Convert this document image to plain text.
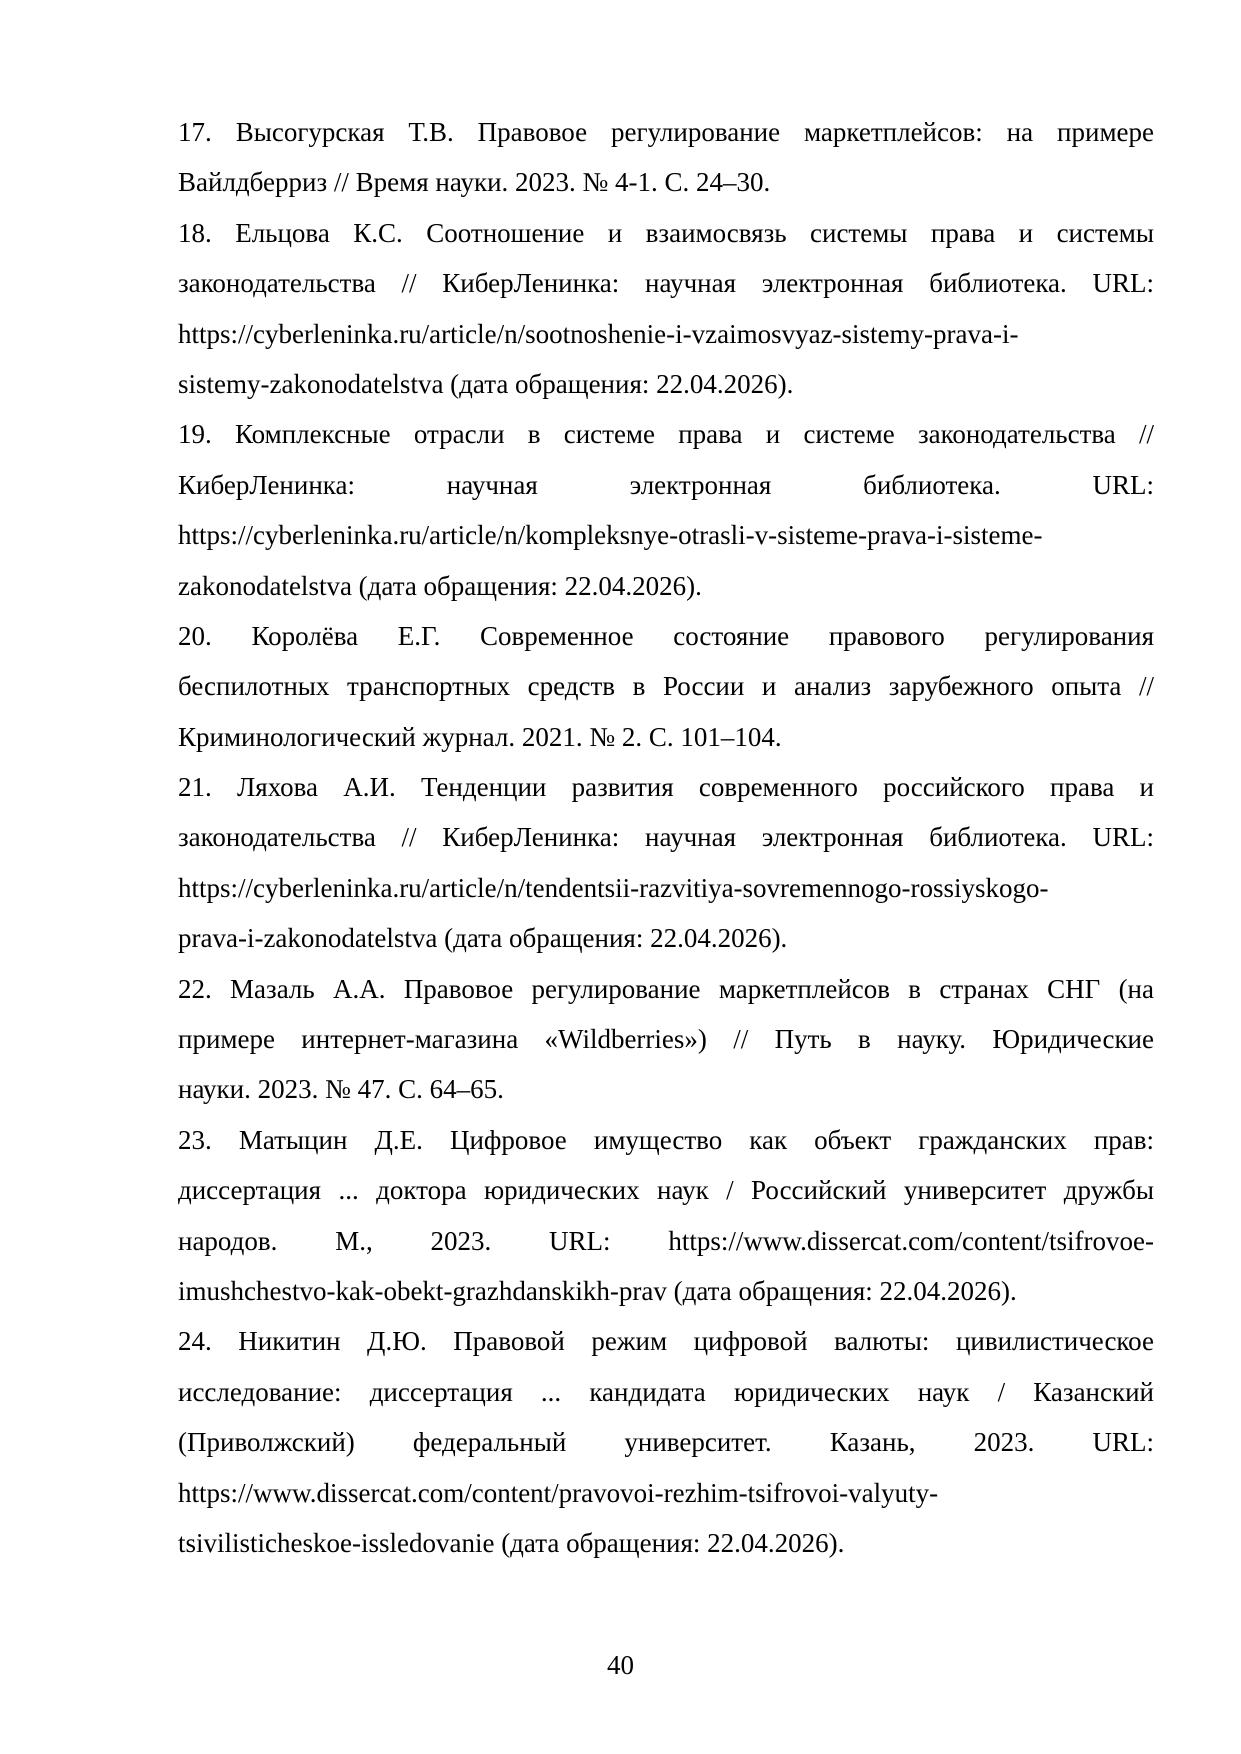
17. Высогурская Т.В. Правовое регулирование маркетплейсов: на примере
Вайлдберриз // Время науки. 2023. № 4-1. С. 24–30.
18. Ельцова К.С. Соотношение и взаимосвязь системы права и системы
законодательства // КиберЛенинка: научная электронная библиотека. URL:
https://cyberleninka.ru/article/n/sootnoshenie-i-vzaimosvyaz-sistemy-prava-i-
sistemy-zakonodatelstva (дата обращения: 22.04.2026).
19. Комплексные отрасли в системе права и системе законодательства //
КиберЛенинка: научная электронная библиотека. URL:
https://cyberleninka.ru/article/n/kompleksnye-otrasli-v-sisteme-prava-i-sisteme-
zakonodatelstva (дата обращения: 22.04.2026).
20. Королёва Е.Г. Современное состояние правового регулирования
беспилотных транспортных средств в России и анализ зарубежного опыта //
Криминологический журнал. 2021. № 2. С. 101–104.
21. Ляхова А.И. Тенденции развития современного российского права и
законодательства // КиберЛенинка: научная электронная библиотека. URL:
https://cyberleninka.ru/article/n/tendentsii-razvitiya-sovremennogo-rossiyskogo-
prava-i-zakonodatelstva (дата обращения: 22.04.2026).
22. Мазаль А.А. Правовое регулирование маркетплейсов в странах СНГ (на
примере интернет-магазина «Wildberries») // Путь в науку. Юридические
науки. 2023. № 47. С. 64–65.
23. Матыцин Д.Е. Цифровое имущество как объект гражданских прав:
диссертация ... доктора юридических наук / Российский университет дружбы
народов. М., 2023. URL: https://www.dissercat.com/content/tsifrovoe-
imushchestvo-kak-obekt-grazhdanskikh-prav (дата обращения: 22.04.2026).
24. Никитин Д.Ю. Правовой режим цифровой валюты: цивилистическое
исследование: диссертация ... кандидата юридических наук / Казанский
(Приволжский) федеральный университет. Казань, 2023. URL:
https://www.dissercat.com/content/pravovoi-rezhim-tsifrovoi-valyuty-
tsivilisticheskoe-issledovanie (дата обращения: 22.04.2026).
40
